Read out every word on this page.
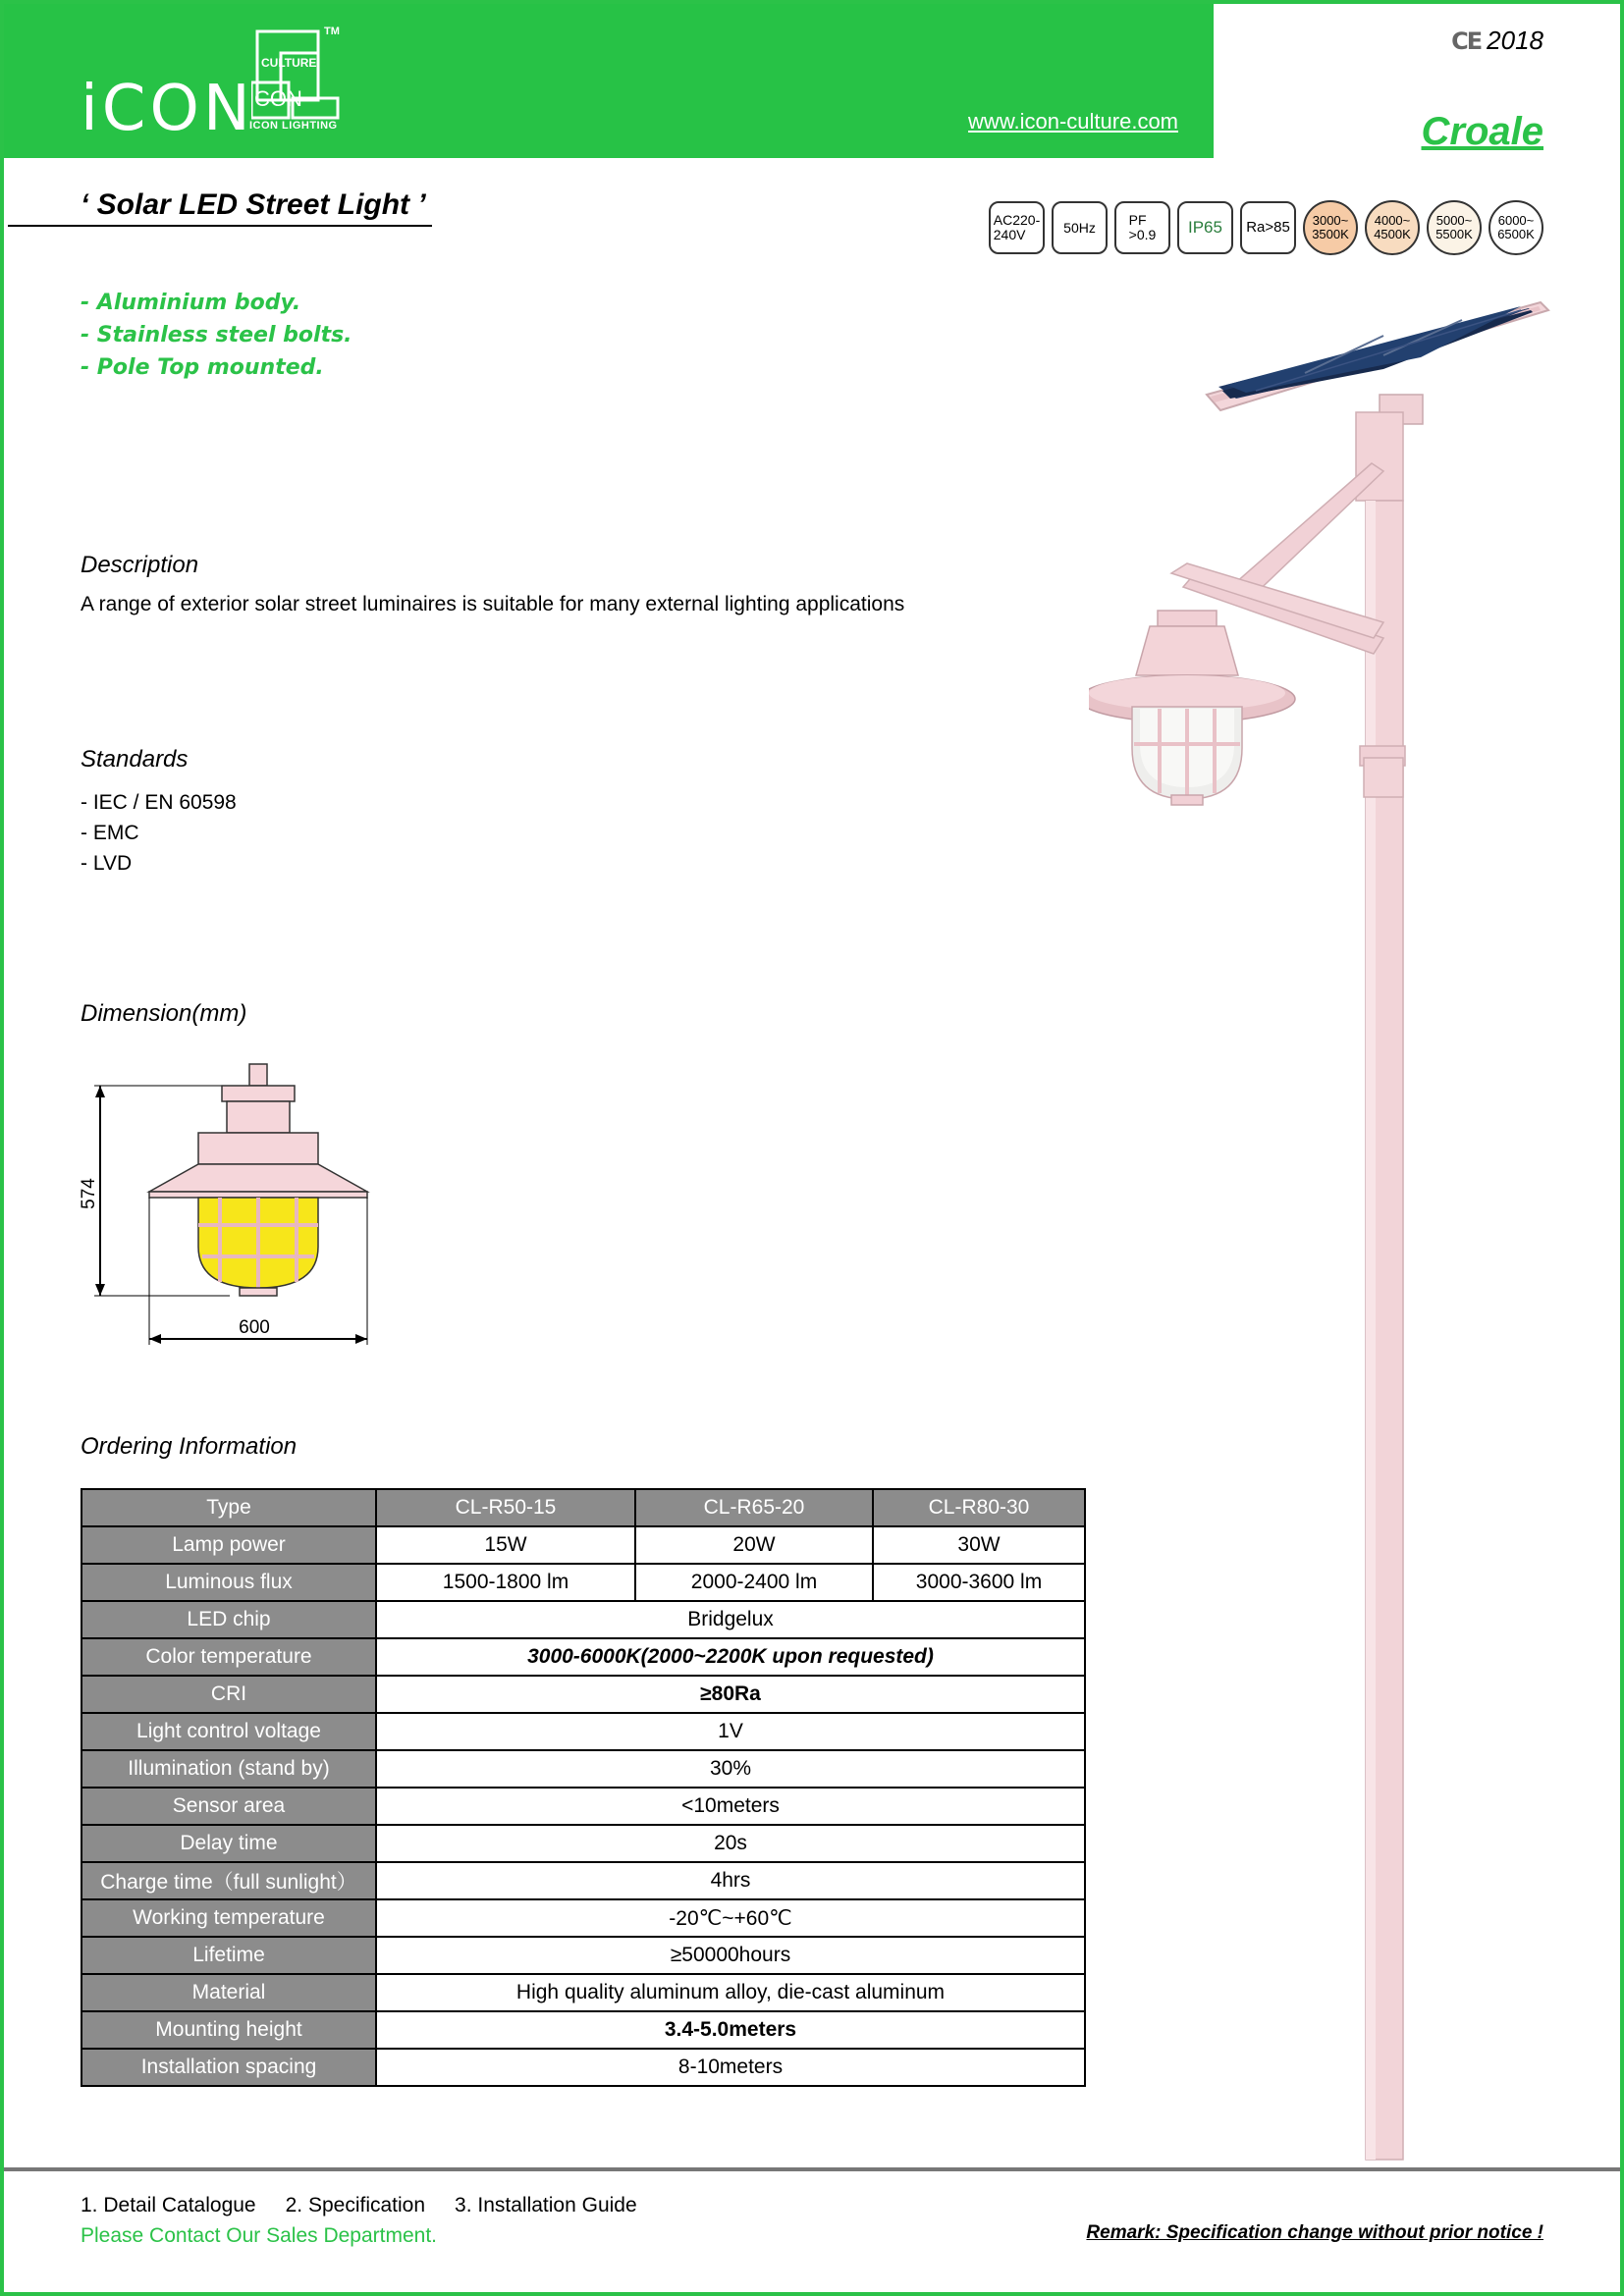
iCON
CULTURE
CON
TM
ICON LIGHTING	www.icon-culture.com
CE 2018
Croale
‘ Solar LED Street Light ’	AC220-
240V	50Hz PF
>0.9 IP65 Ra>85 3000~
3500K
4000~
4500K
5000~
5500K
6000~
6500K
- Aluminium body.
- Stainless steel bolts.
- Pole Top mounted.
Description
A range of exterior solar street luminaires is suitable for many external lighting applications
Standards
- IEC / EN 60598
- EMC
- LVD
Dimension(mm)
574
600
Ordering Information
Type	CL-R50-15	CL-R65-20	CL-R80-30
Lamp power	15W	20W	30W
Luminous flux	1500-1800 lm	2000-2400 lm	3000-3600 lm
LED chip	Bridgelux		
Color temperature	3000-6000K(2000~2200K upon requested)		
CRI	≥80Ra		
Light control voltage	1V		
Illumination (stand by)	30%		
Sensor area	<10meters		
Delay time	20s		
Charge time（full sunlight）	4hrs		
Working temperature	-20℃~+60℃		
Lifetime	≥50000hours		
Material	High quality aluminum alloy, die-cast aluminum		
Mounting height	3.4-5.0meters		
Installation spacing	8-10meters		
1. Detail Catalogue 2. Specification 3. Installation Guide
Please Contact Our Sales Department.	Remark: Specification change without prior notice !
